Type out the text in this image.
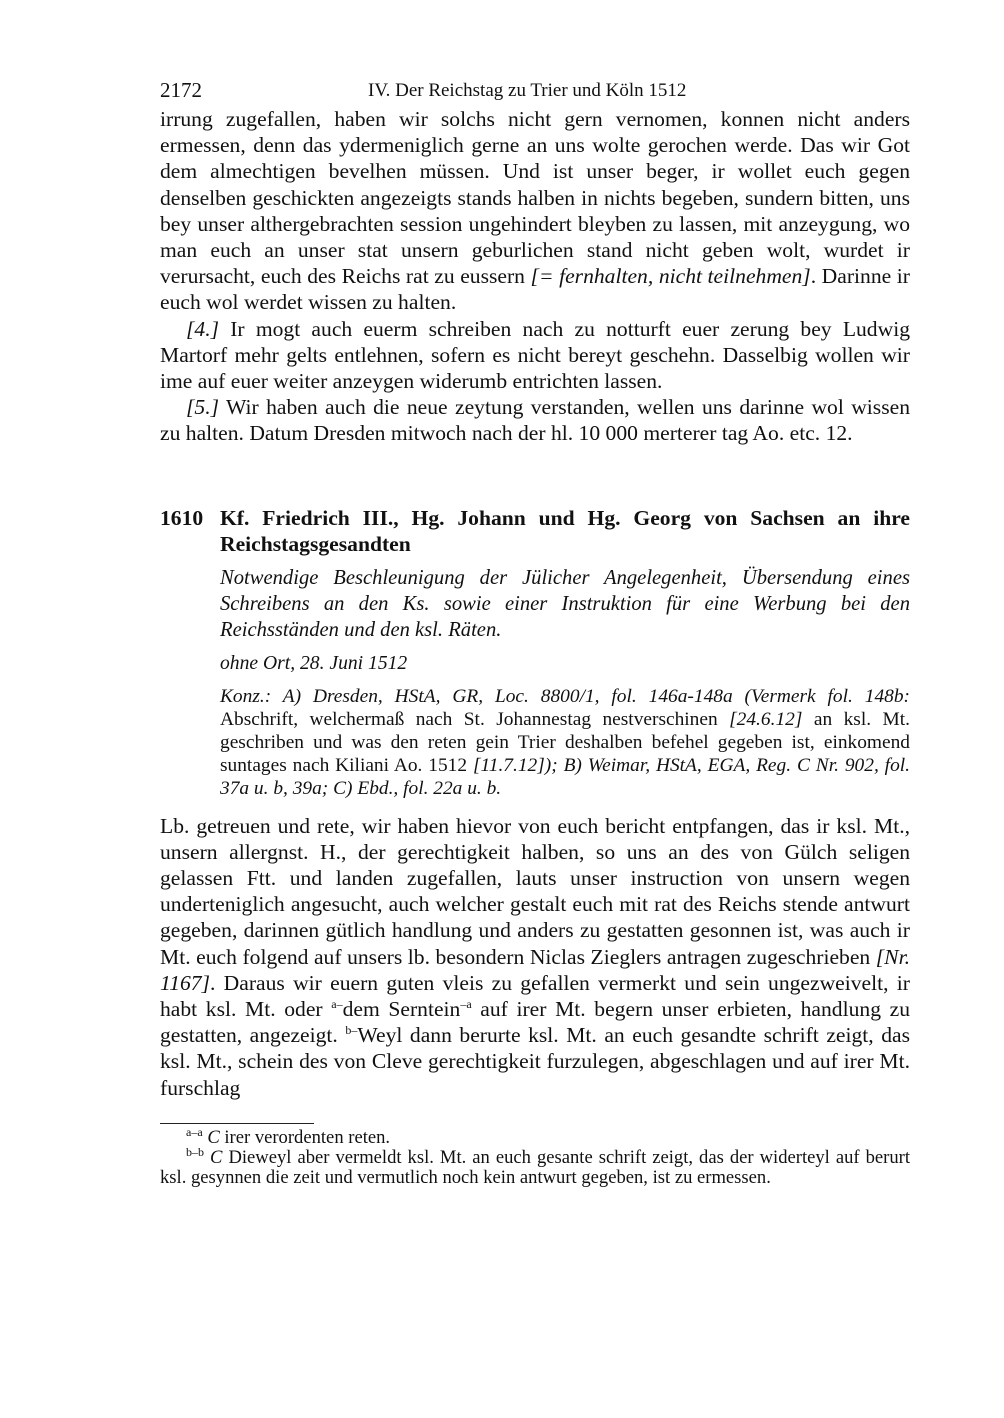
2172	IV. Der Reichstag zu Trier und Köln 1512

irrung zugefallen, haben wir solchs nicht gern vernomen, konnen nicht anders ermessen, denn das ydermeniglich gerne an uns wolte gerochen werde. Das wir Got dem almechtigen bevelhen müssen. Und ist unser beger, ir wollet euch gegen denselben geschickten angezeigts stands halben in nichts begeben, sundern bitten, uns bey unser althergebrachten session ungehindert bleyben zu lassen, mit anzeygung, wo man euch an unser stat unsern geburlichen stand nicht geben wolt, wurdet ir verursacht, euch des Reichs rat zu eussern [= fernhalten, nicht teilnehmen]. Darinne ir euch wol werdet wissen zu halten.

[4.] Ir mogt auch euerm schreiben nach zu notturft euer zerung bey Ludwig Martorf mehr gelts entlehnen, sofern es nicht bereyt geschehn. Dasselbig wollen wir ime auf euer weiter anzeygen widerumb entrichten lassen.

[5.] Wir haben auch die neue zeytung verstanden, wellen uns darinne wol wissen zu halten. Datum Dresden mitwoch nach der hl. 10 000 merterer tag Ao. etc. 12.

1610 Kf. Friedrich III., Hg. Johann und Hg. Georg von Sachsen an ihre Reichstagsgesandten

Notwendige Beschleunigung der Jülicher Angelegenheit, Übersendung eines Schreibens an den Ks. sowie einer Instruktion für eine Werbung bei den Reichsständen und den ksl. Räten.

ohne Ort, 28. Juni 1512

Konz.: A) Dresden, HStA, GR, Loc. 8800/1, fol. 146a-148a (Vermerk fol. 148b: Abschrift, welchermaß nach St. Johannestag nestverschinen [24.6.12] an ksl. Mt. geschriben und was den reten gein Trier deshalben befehel gegeben ist, einkomend suntages nach Kiliani Ao. 1512 [11.7.12]); B) Weimar, HStA, EGA, Reg. C Nr. 902, fol. 37a u. b, 39a; C) Ebd., fol. 22a u. b.

Lb. getreuen und rete, wir haben hievor von euch bericht entpfangen, das ir ksl. Mt., unsern allergnst. H., der gerechtigkeit halben, so uns an des von Gülch seligen gelassen Ftt. und landen zugefallen, lauts unser instruction von unsern wegen underteniglich angesucht, auch welcher gestalt euch mit rat des Reichs stende antwurt gegeben, darinnen gütlich handlung und anders zu gestatten gesonnen ist, was auch ir Mt. euch folgend auf unsers lb. besondern Niclas Zieglers antragen zugeschrieben [Nr. 1167]. Daraus wir euern guten vleis zu gefallen vermerkt und sein ungezweivelt, ir habt ksl. Mt. oder $^{a-}$dem Serntein$^{-a}$ auf irer Mt. begern unser erbieten, handlung zu gestatten, angezeigt. $^{b-}$Weyl dann berurte ksl. Mt. an euch gesandte schrift zeigt, das ksl. Mt., schein des von Cleve gerechtigkeit furzulegen, abgeschlagen und auf irer Mt. furschlag

$^{a-a}$ C irer verordenten reten.

$^{b-b}$ C Dieweyl aber vermeldt ksl. Mt. an euch gesante schrift zeigt, das der widerteyl auf berurt ksl. gesynnen die zeit und vermutlich noch kein antwurt gegeben, ist zu ermessen.
